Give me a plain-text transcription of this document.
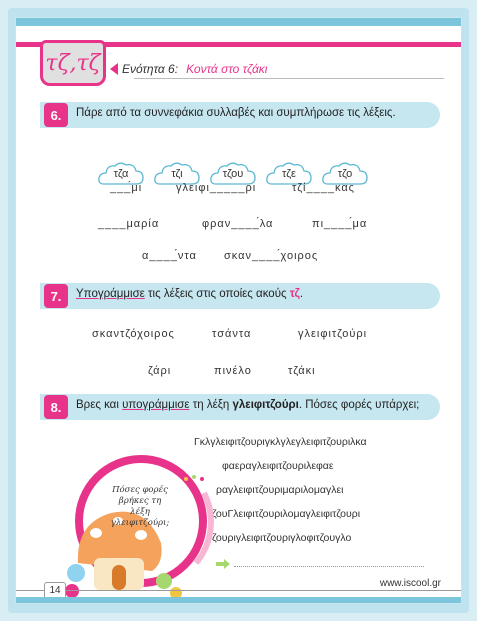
τζ,τζ Ενότητα 6: Κοντά στο τζάκι
6.	Πάρε από τα συννεφάκια συλλαβές και συμπλήρωσε τις λέξεις.
τζα	τζι	τζου	τζε	τζο
___́μι	γλειφι_____ρι	τζί____κας
____μαρία	φραν____́λα	πι____́μα
α____́ντα σκαν____́χοιρος
7.	Υπογράμμισε τις λέξεις στις οποίες ακούς τζ.
σκαντζόχοιρος	τσάντα	γλειφιτζούρι
ζάρι	πινέλο	τζάκι
8.	Βρες και υπογράμμισε τη λέξη γλειφιτζούρι. Πόσες φορές υπάρχει;
Γκλγλειφιτζουριγκλγλεγλειφιτζουριλκα
φαεραγλειφιτζουριλεφαε
ραγλειφιτζουριμαριλομαγλει
ζουΓλειφιτζουριλομαγλειφιτζουρι
ζουριγλειφιτζουριγλοφιτζουγλο
Πόσες φορές βρήκες τη λέξη γλειφιτζούρι;
14
www.iscool.gr
